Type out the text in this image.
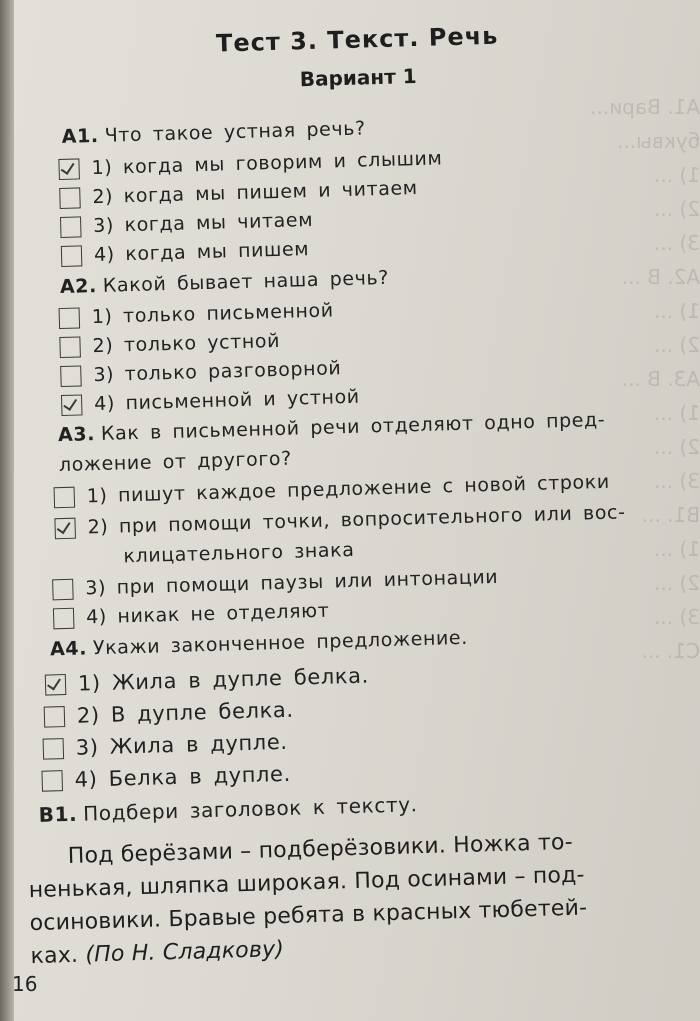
А1. Вари...
буквы...
1) ...
2) ...
3) ...
А2. В ...
1) ...
2) ...
А3. В ...
1) ...
2) ...
3) ...
В1. ...
1) ...
2) ...
3) ...
С1. ...
Тест 3. Текст. Речь
Вариант 1
А1. Что такое устная речь?
1) когда мы говорим и слышим
2) когда мы пишем и читаем
3) когда мы читаем
4) когда мы пишем
А2. Какой бывает наша речь?
1) только письменной
2) только устной
3) только разговорной
4) письменной и устной
А3. Как в письменной речи отделяют одно пред-
ложение от другого?
1) пишут каждое предложение с новой строки
2) при помощи точки, вопросительного или вос-
клицательного знака
3) при помощи паузы или интонации
4) никак не отделяют
А4. Укажи законченное предложение.
1) Жила в дупле белка.
2) В дупле белка.
3) Жила в дупле.
4) Белка в дупле.
В1. Подбери заголовок к тексту.
Под берёзами – подберёзовики. Ножка то-
ненькая, шляпка широкая. Под осинами – под-
осиновики. Бравые ребята в красных тюбетей-
ках. (По Н. Сладкову)
16
